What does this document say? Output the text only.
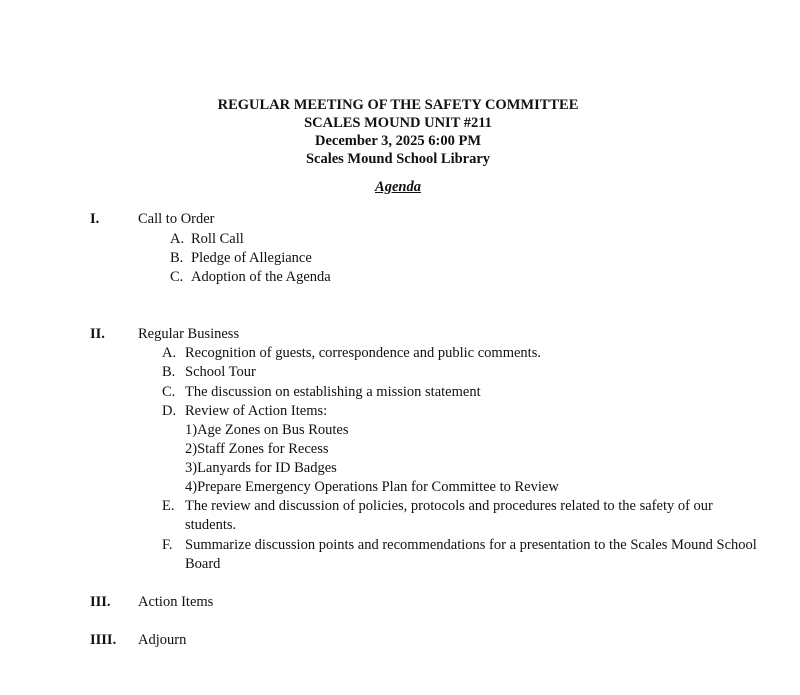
REGULAR MEETING OF THE SAFETY COMMITTEE
SCALES MOUND UNIT #211
December 3, 2025 6:00 PM
Scales Mound School Library
Agenda
I.	Call to Order
A. Roll Call
B. Pledge of Allegiance
C. Adoption of the Agenda
II. Regular Business
A. Recognition of guests, correspondence and public comments.
B. School Tour
C. The discussion on establishing a mission statement
D. Review of Action Items:
1)Age Zones on Bus Routes
2)Staff Zones for Recess
3)Lanyards for ID Badges
4)Prepare Emergency Operations Plan for Committee to Review
E. The review and discussion of policies, protocols and procedures related to the safety of our
students.
F. Summarize discussion points and recommendations for a presentation to the Scales Mound School
Board
III. Action Items
IIII. Adjourn
